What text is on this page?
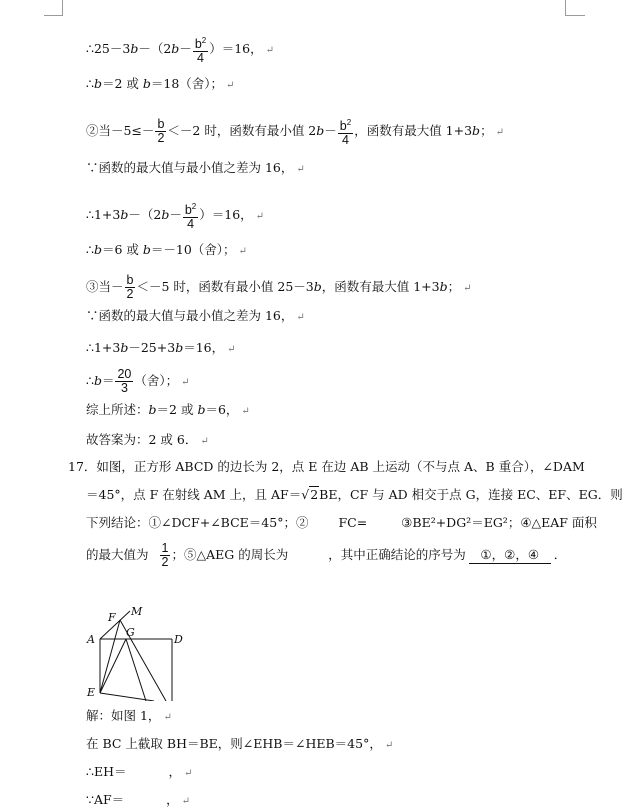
∴25－3b－（2b－ $\frac{b^2}{4} )=16$， ↵
∴b＝2 或 b＝18（舍）； ↵
②当$-5\le- \frac{b}{2} <-2$ 时，函数有最小值 $2b- \frac{b^2}{4}$ ，函数有最大值 1+3b； ↵
∵函数的最大值与最小值之差为 16， ↵
∴1+3b－（2b－ $\frac{b^2}{4} )=16$， ↵
∴b＝6 或 b＝－10（舍）； ↵
③当－ $\frac{b}{2} <-5$ 时，函数有最小值 25－3b，函数有最大值 1+3b； ↵
∵函数的最大值与最小值之差为 16， ↵
∴1+3b－25+3b＝16， ↵
∴b＝ $\frac{20}{3}$ （舍）； ↵
综上所述：b＝2 或 b＝6， ↵
故答案为：2 或 6． ↵
17．如图，正方形 ABCD 的边长为 2，点 E 在边 AB 上运动（不与点 A、B 重合），∠DAM
＝45°，点 F 在射线 AM 上，且 AF＝√2BE，CF 与 AD 相交于点 G，连接 EC、EF、EG．则
下列结论：①∠DCF+∠BCE＝45°；② FC=	③BE²+DG²＝EG²；④△EAF 面积
的最大值为 $\frac{1}{2}$ ；⑤△AEG 的周长为	，其中正确结论的序号为 ①，②，④ ．
A	D
E
F M
G
解：如图 1， ↵
在 BC 上截取 BH＝BE，则∠EHB＝∠HEB＝45°， ↵
∴EH＝	， ↵
∵AF＝	， ↵
